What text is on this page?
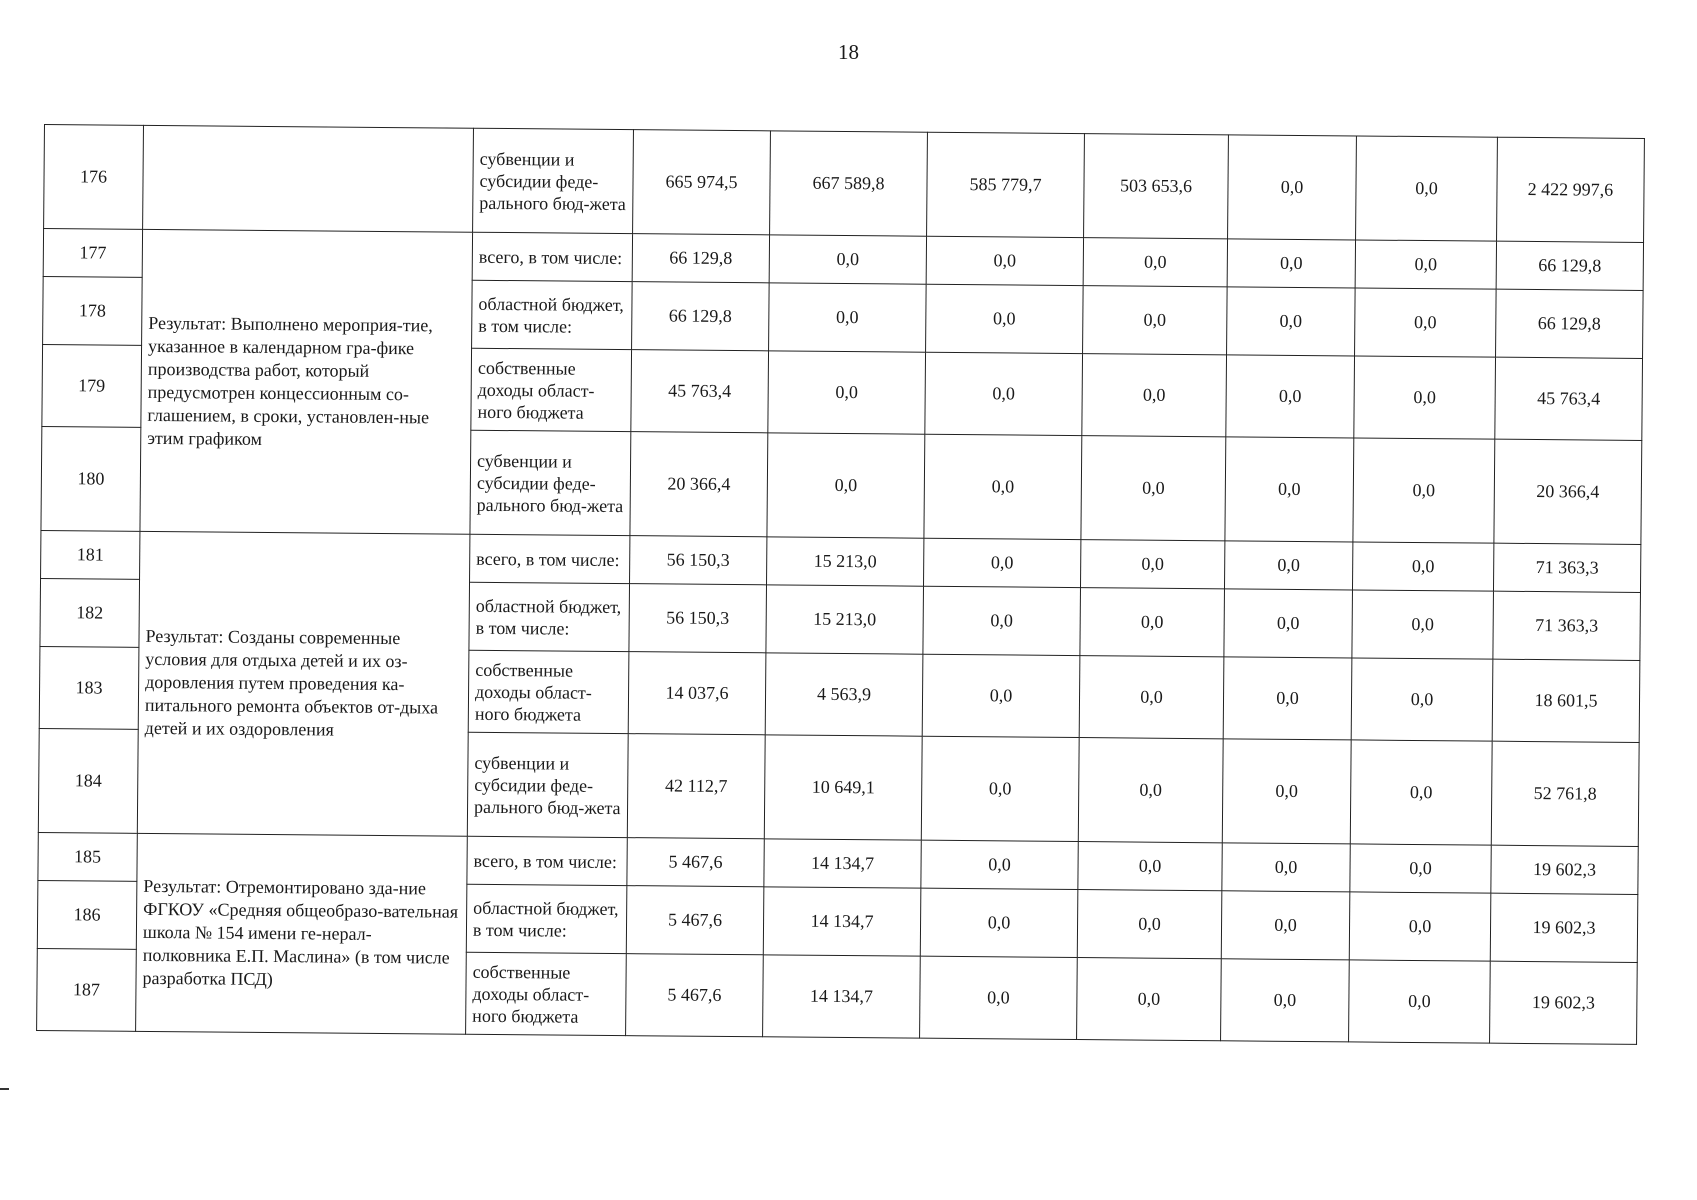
18
176		субвенции и субсидии феде-рального бюд-жета	665 974,5	667 589,8	585 779,7	503 653,6	0,0	0,0	2 422 997,6
177	Результат: Выполнено мероприя-тие, указанное в календарном гра-фике производства работ, который предусмотрен концессионным со-глашением, в сроки, установлен-ные этим графиком	всего, в том числе:	66 129,8	0,0	0,0	0,0	0,0	0,0	66 129,8
178		областной бюджет, в том числе:	66 129,8	0,0	0,0	0,0	0,0	0,0	66 129,8
179		собственные доходы област-ного бюджета	45 763,4	0,0	0,0	0,0	0,0	0,0	45 763,4
180		субвенции и субсидии феде-рального бюд-жета	20 366,4	0,0	0,0	0,0	0,0	0,0	20 366,4
181	Результат: Созданы современные условия для отдыха детей и их оз-доровления путем проведения ка-питального ремонта объектов от-дыха детей и их оздоровления	всего, в том числе:	56 150,3	15 213,0	0,0	0,0	0,0	0,0	71 363,3
182		областной бюджет, в том числе:	56 150,3	15 213,0	0,0	0,0	0,0	0,0	71 363,3
183		собственные доходы област-ного бюджета	14 037,6	4 563,9	0,0	0,0	0,0	0,0	18 601,5
184		субвенции и субсидии феде-рального бюд-жета	42 112,7	10 649,1	0,0	0,0	0,0	0,0	52 761,8
185	Результат: Отремонтировано зда-ние ФГКОУ «Средняя общеобразо-вательная школа № 154 имени ге-нерал-полковника Е.П. Маслина» (в том числе разработка ПСД)	всего, в том числе:	5 467,6	14 134,7	0,0	0,0	0,0	0,0	19 602,3
186		областной бюджет, в том числе:	5 467,6	14 134,7	0,0	0,0	0,0	0,0	19 602,3
187		собственные доходы област-ного бюджета	5 467,6	14 134,7	0,0	0,0	0,0	0,0	19 602,3
